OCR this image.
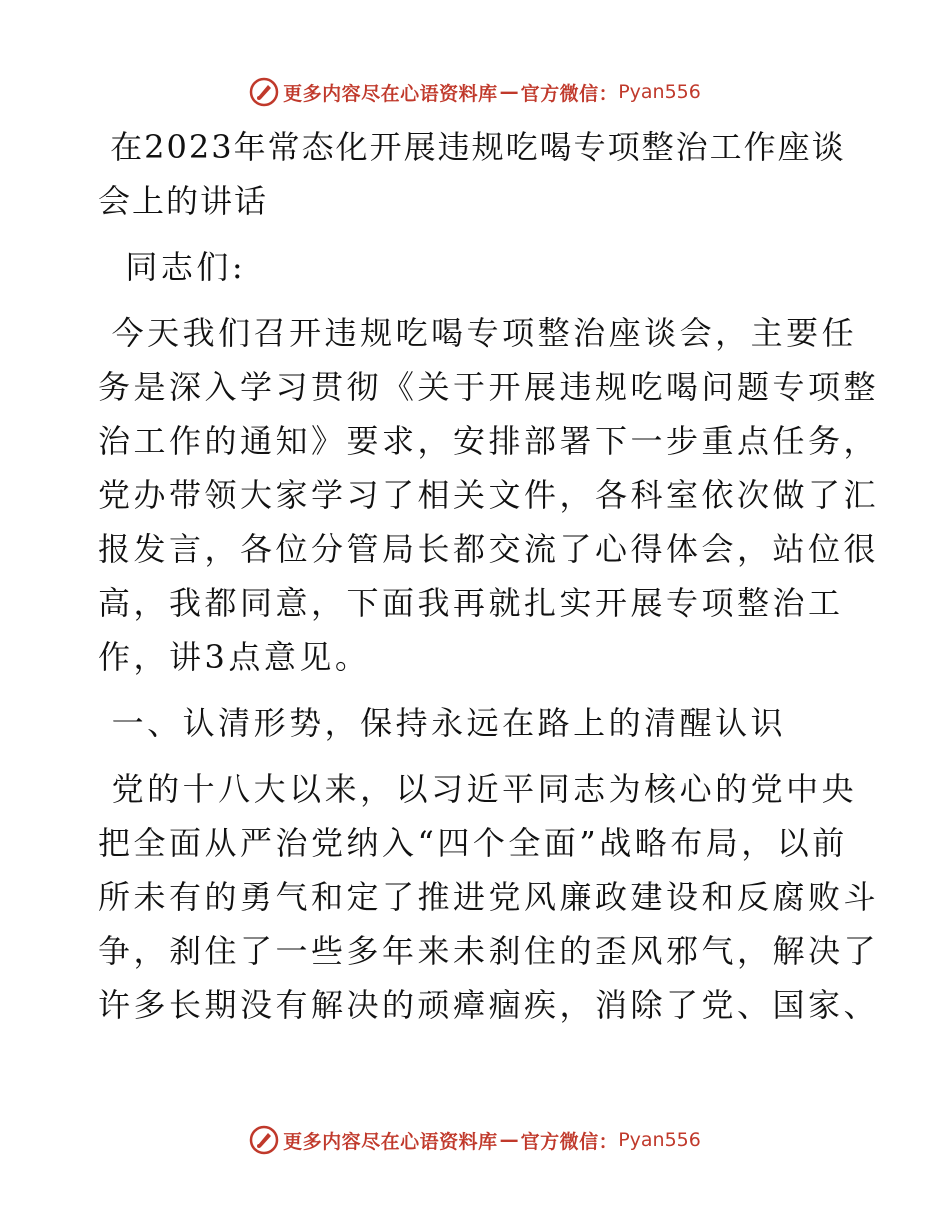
更多内容尽在心语资料库 — 官方微信： Pyan556
在2023年常态化开展违规吃喝专项整治工作座谈
会上的讲话
同志们:
今天我们召开违规吃喝专项整治座谈会，主要任
务是深入学习贯彻《关于开展违规吃喝问题专项整
治工作的通知》要求，安排部署下一步重点任务，
党办带领大家学习了相关文件，各科室依次做了汇
报发言，各位分管局长都交流了心得体会，站位很
高，我都同意，下面我再就扎实开展专项整治工
作，讲3点意见。
一、认清形势，保持永远在路上的清醒认识
党的十八大以来，以习近平同志为核心的党中央
把全面从严治党纳入“四个全面”战略布局，以前
所未有的勇气和定了推进党风廉政建设和反腐败斗
争，刹住了一些多年来未刹住的歪风邪气，解决了
许多长期没有解决的顽瘴痼疾，消除了党、国家、
更多内容尽在心语资料库 — 官方微信： Pyan556
